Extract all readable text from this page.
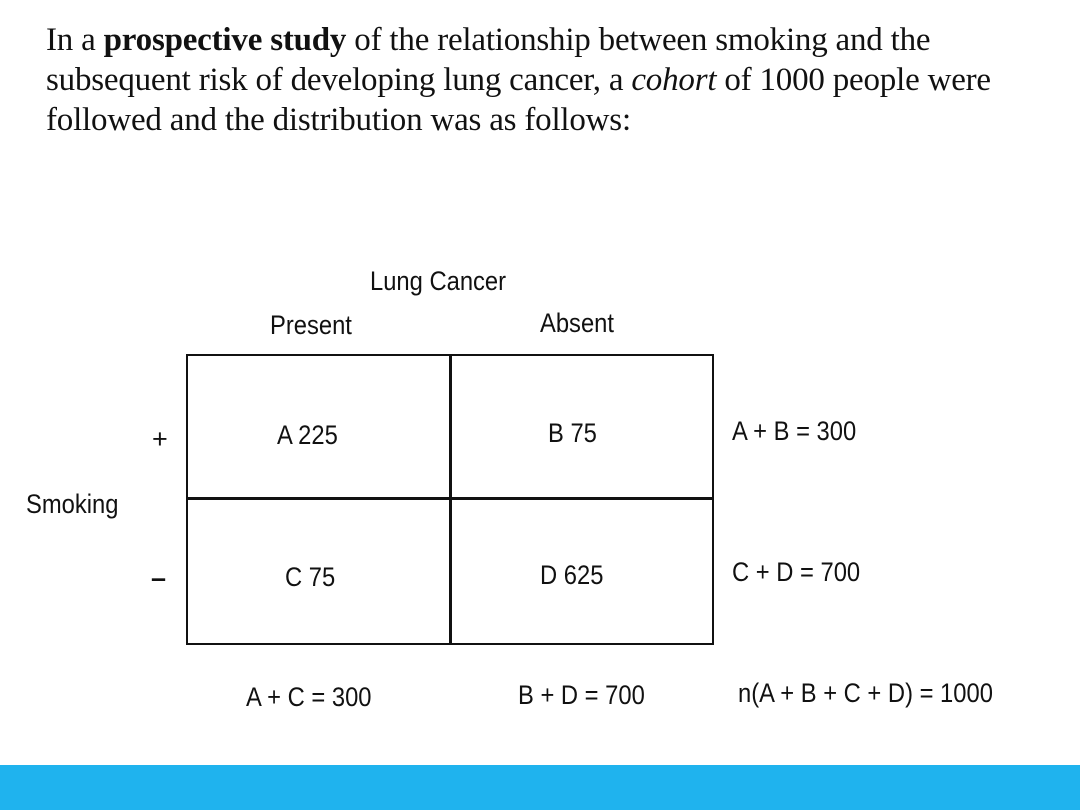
In a prospective study of the relationship between smoking and the subsequent risk of developing lung cancer, a cohort of 1000 people were followed and the distribution was as follows:

Lung Cancer
Present	Absent
Smoking
+
–
A 225	B 75
C 75	D 625
A + B = 300
C + D = 700
A + C = 300	B + D = 700	n(A + B + C + D) = 1000
